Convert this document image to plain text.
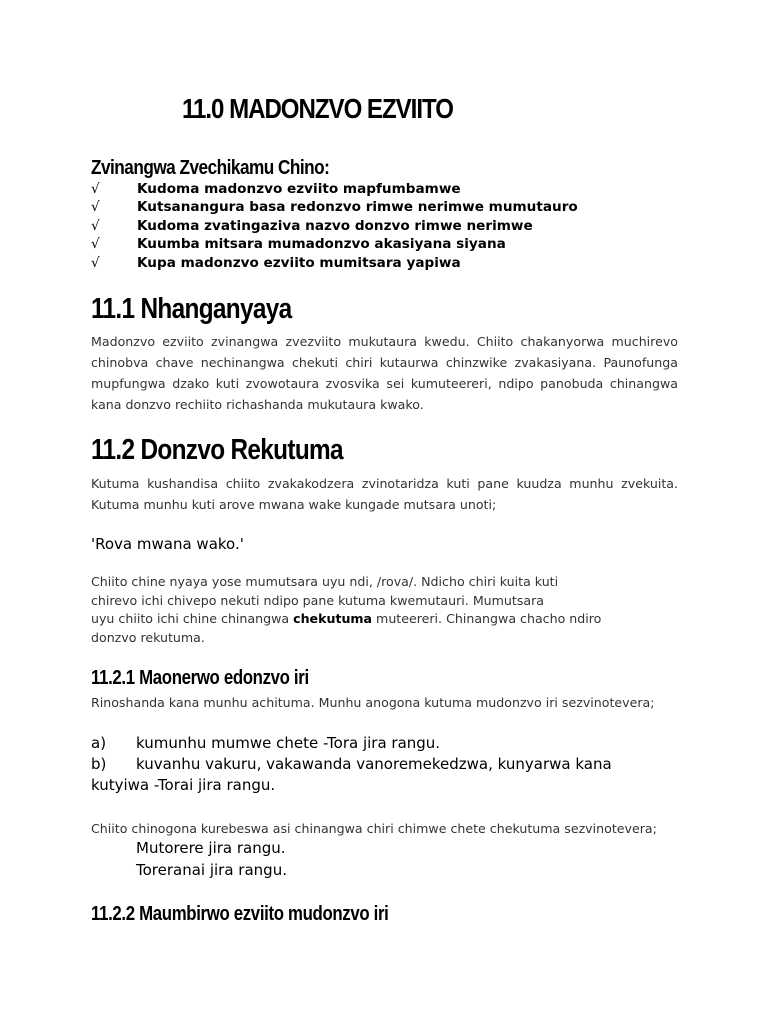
11.0 MADONZVO EZVIITO
Zvinangwa Zvechikamu Chino:
√	Kudoma madonzvo ezviito mapfumbamwe
√	Kutsanangura basa redonzvo rimwe nerimwe mumutauro
√	Kudoma zvatingaziva nazvo donzvo rimwe nerimwe
√	Kuumba mitsara mumadonzvo akasiyana siyana
√	Kupa madonzvo ezviito mumitsara yapiwa
11.1 Nhanganyaya
Madonzvo ezviito zvinangwa zvezviito mukutaura kwedu. Chiito chakanyorwa muchirevo chinobva chave nechinangwa chekuti chiri kutaurwa chinzwike zvakasiyana. Paunofunga mupfungwa dzako kuti zvowotaura zvosvika sei kumuteereri, ndipo panobuda chinangwa kana donzvo rechiito richashanda mukutaura kwako.
11.2 Donzvo Rekutuma
Kutuma kushandisa chiito zvakakodzera zvinotaridza kuti pane kuudza munhu zvekuita. Kutuma munhu kuti arove mwana wake kungade mutsara unoti;
'Rova mwana wako.'
Chiito chine nyaya yose mumutsara uyu ndi, /rova/. Ndicho chiri kuita kuti
chirevo ichi chivepo nekuti ndipo pane kutuma kwemutauri. Mumutsara
uyu chiito ichi chine chinangwa chekutuma muteereri. Chinangwa chacho ndiro
donzvo rekutuma.
11.2.1 Maonerwo edonzvo iri
Rinoshanda kana munhu achituma. Munhu anogona kutuma mudonzvo iri sezvinotevera;
a) kumunhu mumwe chete -Tora jira rangu.
b) kuvanhu vakuru, vakawanda vanoremekedzwa, kunyarwa kana
kutyiwa -Torai jira rangu.
Chiito chinogona kurebeswa asi chinangwa chiri chimwe chete chekutuma sezvinotevera;
Mutorere jira rangu.
Toreranai jira rangu.
11.2.2 Maumbirwo ezviito mudonzvo iri
